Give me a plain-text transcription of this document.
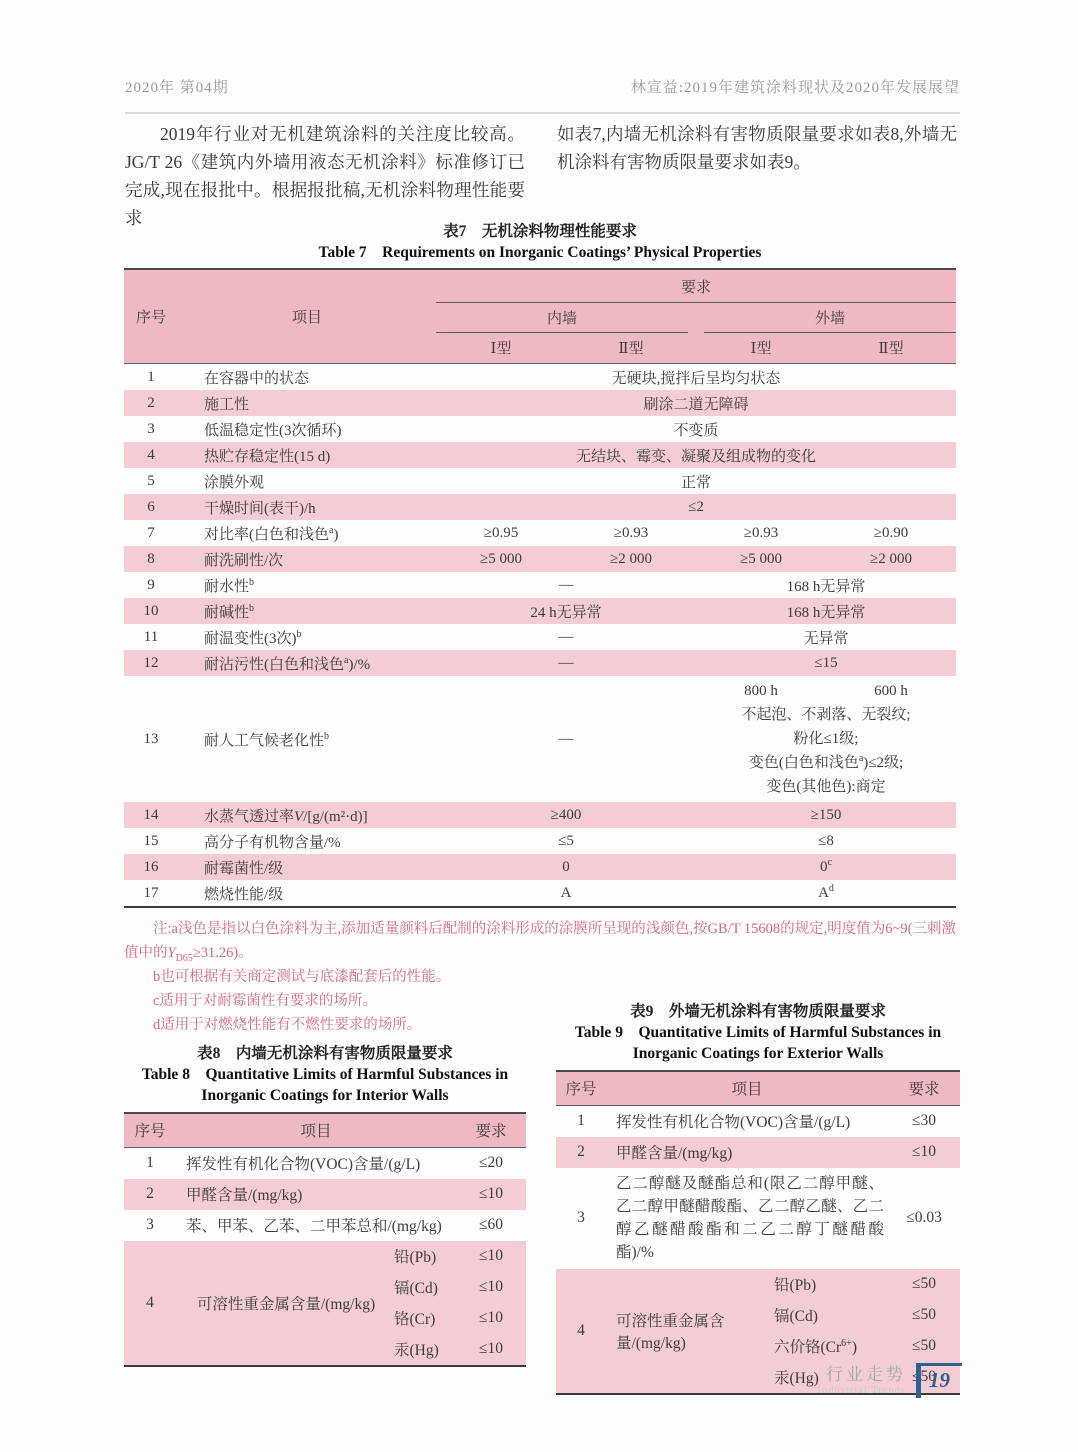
2020年 第04期	林宣益:2019年建筑涂料现状及2020年发展展望

2019年行业对无机建筑涂料的关注度比较高。JG/T 26《建筑内外墙用液态无机涂料》标准修订已完成,现在报批中。根据报批稿,无机涂料物理性能要求

如表7,内墙无机涂料有害物质限量要求如表8,外墙无机涂料有害物质限量要求如表9。

表7　无机涂料物理性能要求
Table 7　Requirements on Inorganic Coatings’ Physical Properties
序号	项目	要求			

		内墙		外墙	

		Ⅰ型	Ⅱ型	Ⅰ型	Ⅱ型
1	在容器中的状态	无硬块,搅拌后呈均匀状态			
2	施工性	刷涂二道无障碍			
3	低温稳定性(3次循环)	不变质			
4	热贮存稳定性(15 d)	无结块、霉变、凝聚及组成物的变化			
5	涂膜外观	正常			
6	干燥时间(表干)/h	≤2			
7	对比率(白色和浅色$^a$)	≥0.95	≥0.93	≥0.93	≥0.90
8	耐洗刷性/次	≥5 000	≥2 000	≥5 000	≥2 000
9	耐水性$^b$	—		168 h无异常	
10	耐碱性$^b$	24 h无异常		168 h无异常	
11	耐温变性(3次)$^b$	—		无异常	
12	耐沾污性(白色和浅色$^a$)/%	—		≤15	
13	耐人工气候老化性$^b$	—	
800 h	600 h
不起泡、不剥落、无裂纹;
粉化≤1级;
变色(白色和浅色$^a$)≤2级;
变色(其他色):商定

14	水蒸气透过率V/[g/(m²·d)]	≥400		≥150	
15	高分子有机物含量/%	≤5		≤8	
16	耐霉菌性/级	0		0$^c$
17	燃烧性能/级	A		$A^d$

注:a浅色是指以白色涂料为主,添加适量颜料后配制的涂料形成的涂膜所呈现的浅颜色,按GB/T 15608的规定,明度值为6~9(三刺激值中的$Y_{D65}\ge 31.26$)。

b也可根据有关商定测试与底漆配套后的性能。

c适用于对耐霉菌性有要求的场所。

d适用于对燃烧性能有不燃性要求的场所。

表8　内墙无机涂料有害物质限量要求
Table 8　Quantitative Limits of Harmful Substances in
Inorganic Coatings for Interior Walls
序号	项目		要求
1	挥发性有机化合物(VOC)含量/(g/L)		≤20
2	甲醛含量/(mg/kg)		≤10
3	苯、甲苯、乙苯、二甲苯总和/(mg/kg)		≤60
4	可溶性重金属含量/(mg/kg)	铅(Pb)	≤10
		镉(Cd)	≤10
		铬(Cr)	≤10
		汞(Hg)	≤10
表9　外墙无机涂料有害物质限量要求
Table 9　Quantitative Limits of Harmful Substances in
Inorganic Coatings for Exterior Walls
序号	项目		要求
1	挥发性有机化合物(VOC)含量/(g/L)		≤30
2	甲醛含量/(mg/kg)		≤10
3	乙二醇醚及醚酯总和(限乙二醇甲醚、乙二醇甲醚醋酸酯、乙二醇乙醚、乙二醇乙醚醋酸酯和二乙二醇丁醚醋酸酯)/%		≤0.03
4	可溶性重金属含量/(mg/kg)	铅(Pb)	≤50
		镉(Cd)	≤50
		六价铬$(Cr^{6+})$	≤50
		汞(Hg)	≤50
行业走势
Industrial Trends	19
